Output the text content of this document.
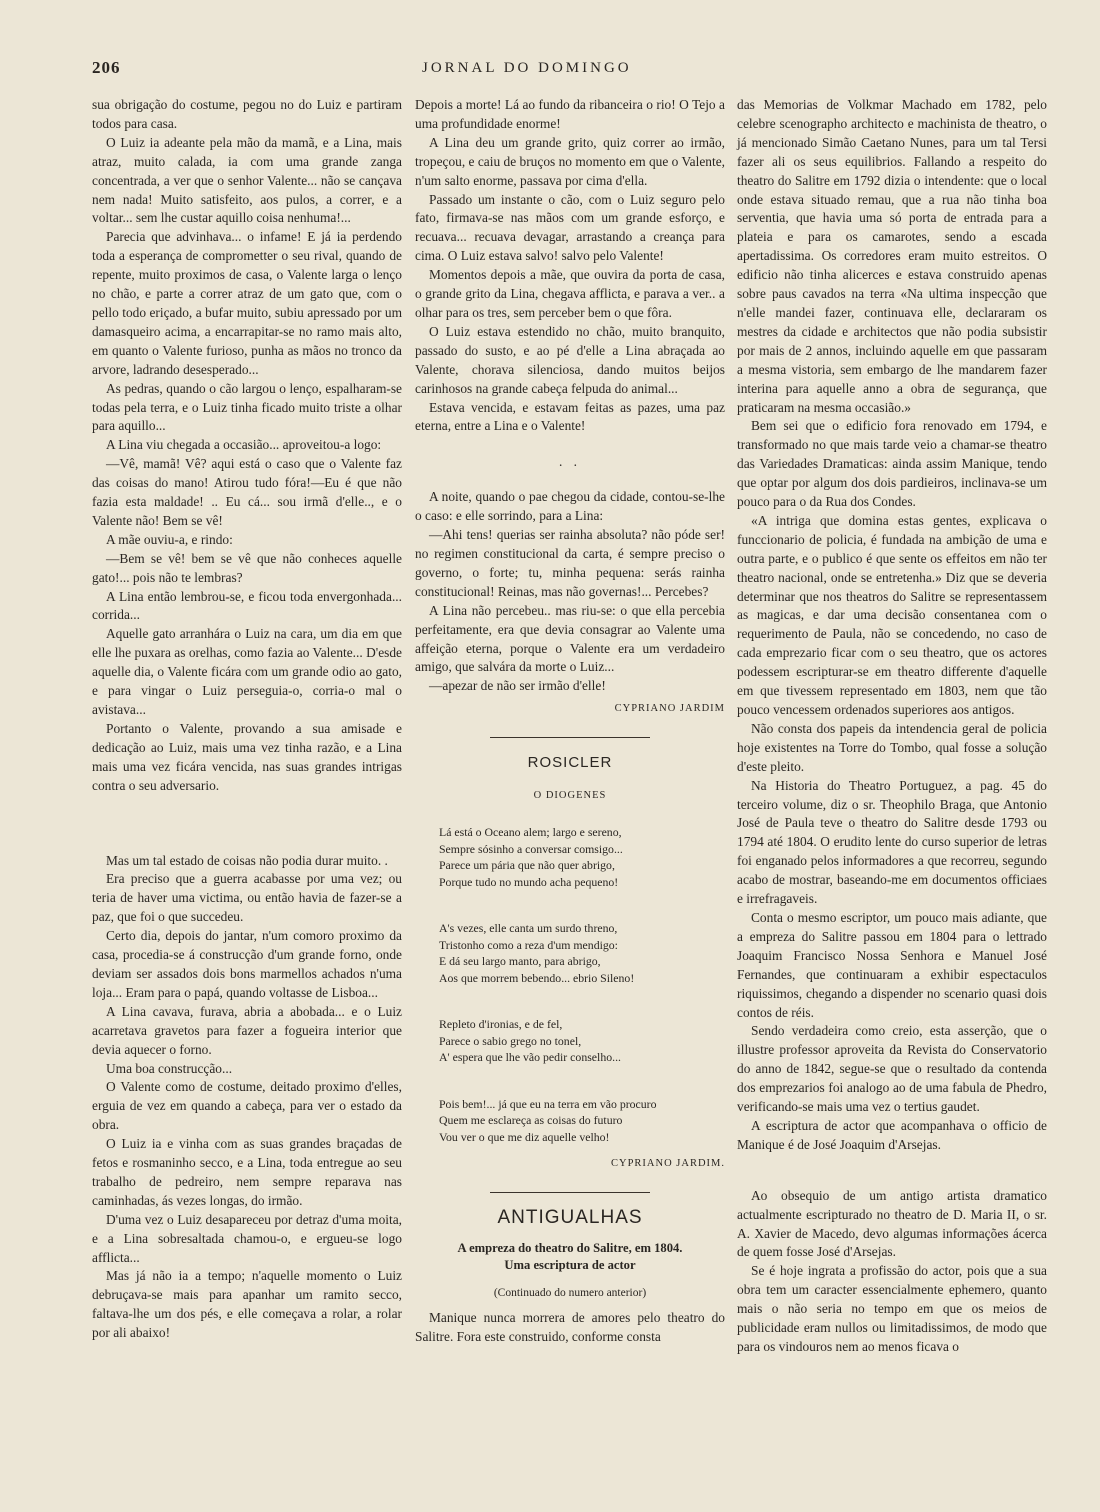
206	JORNAL DO DOMINGO

sua obrigação do costume, pegou no do Luiz e partiram todos para casa.

O Luiz ia adeante pela mão da mamã, e a Lina, mais atraz, muito calada, ia com uma grande zanga concentrada, a ver que o senhor Valente... não se cançava nem nada! Muito satisfeito, aos pulos, a correr, e a voltar... sem lhe custar aquillo coisa nenhuma!...

Parecia que advinhava... o infame! E já ia perdendo toda a esperança de comprometter o seu rival, quando de repente, muito proximos de casa, o Valente larga o lenço no chão, e parte a correr atraz de um gato que, com o pello todo eriçado, a bufar muito, subiu apressado por um damasqueiro acima, a encarrapitar-se no ramo mais alto, em quanto o Valente furioso, punha as mãos no tronco da arvore, ladrando desesperado...

As pedras, quando o cão largou o lenço, espalharam-se todas pela terra, e o Luiz tinha ficado muito triste a olhar para aquillo...

A Lina viu chegada a occasião... aproveitou-a logo:

—Vê, mamã! Vê? aqui está o caso que o Valente faz das coisas do mano! Atirou tudo fóra!—Eu é que não fazia esta maldade! .. Eu cá... sou irmã d'elle.., e o Valente não! Bem se vê!

A mãe ouviu-a, e rindo:

—Bem se vê! bem se vê que não conheces aquelle gato!... pois não te lembras?

A Lina então lembrou-se, e ficou toda envergonhada... corrida...

Aquelle gato arranhára o Luiz na cara, um dia em que elle lhe puxara as orelhas, como fazia ao Valente... D'esde aquelle dia, o Valente ficára com um grande odio ao gato, e para vingar o Luiz perseguia-o, corria-o mal o avistava...

Portanto o Valente, provando a sua amisade e dedicação ao Luiz, mais uma vez tinha razão, e a Lina mais uma vez ficára vencida, nas suas grandes intrigas contra o seu adversario.

Mas um tal estado de coisas não podia durar muito. .

Era preciso que a guerra acabasse por uma vez; ou teria de haver uma victima, ou então havia de fazer-se a paz, que foi o que succedeu.

Certo dia, depois do jantar, n'um comoro proximo da casa, procedia-se á construcção d'um grande forno, onde deviam ser assados dois bons marmellos achados n'uma loja... Eram para o papá, quando voltasse de Lisboa...

A Lina cavava, furava, abria a abobada... e o Luiz acarretava gravetos para fazer a fogueira interior que devia aquecer o forno.

Uma boa construcção...

O Valente como de costume, deitado proximo d'elles, erguia de vez em quando a cabeça, para ver o estado da obra.

O Luiz ia e vinha com as suas grandes braçadas de fetos e rosmaninho secco, e a Lina, toda entregue ao seu trabalho de pedreiro, nem sempre reparava nas caminhadas, ás vezes longas, do irmão.

D'uma vez o Luiz desapareceu por detraz d'uma moita, e a Lina sobresaltada chamou-o, e ergueu-se logo afflicta...

Mas já não ia a tempo; n'aquelle momento o Luiz debruçava-se mais para apanhar um ramito secco, faltava-lhe um dos pés, e elle começava a rolar, a rolar por ali abaixo!

Depois a morte! Lá ao fundo da ribanceira o rio! O Tejo a uma profundidade enorme!

A Lina deu um grande grito, quiz correr ao irmão, tropeçou, e caiu de bruços no momento em que o Valente, n'um salto enorme, passava por cima d'ella.

Passado um instante o cão, com o Luiz seguro pelo fato, firmava-se nas mãos com um grande esforço, e recuava... recuava devagar, arrastando a creança para cima. O Luiz estava salvo! salvo pelo Valente!

Momentos depois a mãe, que ouvira da porta de casa, o grande grito da Lina, chegava afflicta, e parava a ver.. a olhar para os tres, sem perceber bem o que fôra.

O Luiz estava estendido no chão, muito branquito, passado do susto, e ao pé d'elle a Lina abraçada ao Valente, chorava silenciosa, dando muitos beijos carinhosos na grande cabeça felpuda do animal...

Estava vencida, e estavam feitas as pazes, uma paz eterna, entre a Lina e o Valente!

. .

A noite, quando o pae chegou da cidade, contou-se-lhe o caso: e elle sorrindo, para a Lina:

—Ahi tens! querias ser rainha absoluta? não póde ser! no regimen constitucional da carta, é sempre preciso o governo, o forte; tu, minha pequena: serás rainha constitucional! Reinas, mas não governas!... Percebes?

A Lina não percebeu.. mas riu-se: o que ella percebia perfeitamente, era que devia consagrar ao Valente uma affeição eterna, porque o Valente era um verdadeiro amigo, que salvára da morte o Luiz...

—apezar de não ser irmão d'elle!

CYPRIANO JARDIM
ROSICLER
O DIOGENES
Lá está o Oceano alem; largo e sereno,
Sempre sósinho a conversar comsigo...
Parece um pária que não quer abrigo,
Porque tudo no mundo acha pequeno!
A's vezes, elle canta um surdo threno,
Tristonho como a reza d'um mendigo:
E dá seu largo manto, para abrigo,
Aos que morrem bebendo... ebrio Sileno!
Repleto d'ironias, e de fel,
Parece o sabio grego no tonel,
A' espera que lhe vão pedir conselho...
Pois bem!... já que eu na terra em vão procuro
Quem me esclareça as coisas do futuro
Vou ver o que me diz aquelle velho!
CYPRIANO JARDIM.
ANTIGUALHAS
A empreza do theatro do Salitre, em 1804.
Uma escriptura de actor
(Continuado do numero anterior)

Manique nunca morrera de amores pelo theatro do Salitre. Fora este construido, conforme consta

das Memorias de Volkmar Machado em 1782, pelo celebre scenographo architecto e machinista de theatro, o já mencionado Simão Caetano Nunes, para um tal Tersi fazer ali os seus equilibrios. Fallando a respeito do theatro do Salitre em 1792 dizia o intendente: que o local onde estava situado remau, que a rua não tinha boa serventia, que havia uma só porta de entrada para a plateia e para os camarotes, sendo a escada apertadissima. Os corredores eram muito estreitos. O edificio não tinha alicerces e estava construido apenas sobre paus cavados na terra «Na ultima inspecção que n'elle mandei fazer, continuava elle, declararam os mestres da cidade e architectos que não podia subsistir por mais de 2 annos, incluindo aquelle em que passaram a mesma vistoria, sem embargo de lhe mandarem fazer interina para aquelle anno a obra de segurança, que praticaram na mesma occasião.»

Bem sei que o edificio fora renovado em 1794, e transformado no que mais tarde veio a chamar-se theatro das Variedades Dramaticas: ainda assim Manique, tendo que optar por algum dos dois pardieiros, inclinava-se um pouco para o da Rua dos Condes.

«A intriga que domina estas gentes, explicava o funccionario de policia, é fundada na ambição de uma e outra parte, e o publico é que sente os effeitos em não ter theatro nacional, onde se entretenha.» Diz que se deveria determinar que nos theatros do Salitre se representassem as magicas, e dar uma decisão consentanea com o requerimento de Paula, não se concedendo, no caso de cada emprezario ficar com o seu theatro, que os actores podessem escripturar-se em theatro differente d'aquelle em que tivessem representado em 1803, nem que tão pouco vencessem ordenados superiores aos antigos.

Não consta dos papeis da intendencia geral de policia hoje existentes na Torre do Tombo, qual fosse a solução d'este pleito.

Na Historia do Theatro Portuguez, a pag. 45 do terceiro volume, diz o sr. Theophilo Braga, que Antonio José de Paula teve o theatro do Salitre desde 1793 ou 1794 até 1804. O erudito lente do curso superior de letras foi enganado pelos informadores a que recorreu, segundo acabo de mostrar, baseando-me em documentos officiaes e irrefragaveis.

Conta o mesmo escriptor, um pouco mais adiante, que a empreza do Salitre passou em 1804 para o lettrado Joaquim Francisco Nossa Senhora e Manuel José Fernandes, que continuaram a exhibir espectaculos riquissimos, chegando a dispender no scenario quasi dois contos de réis.

Sendo verdadeira como creio, esta asserção, que o illustre professor aproveita da Revista do Conservatorio do anno de 1842, segue-se que o resultado da contenda dos emprezarios foi analogo ao de uma fabula de Phedro, verificando-se mais uma vez o tertius gaudet.

A escriptura de actor que acompanhava o officio de Manique é de José Joaquim d'Arsejas.

Ao obsequio de um antigo artista dramatico actualmente escripturado no theatro de D. Maria II, o sr. A. Xavier de Macedo, devo algumas informações ácerca de quem fosse José d'Arsejas.

Se é hoje ingrata a profissão do actor, pois que a sua obra tem um caracter essencialmente ephemero, quanto mais o não seria no tempo em que os meios de publicidade eram nullos ou limitadissimos, de modo que para os vindouros nem ao menos ficava o
